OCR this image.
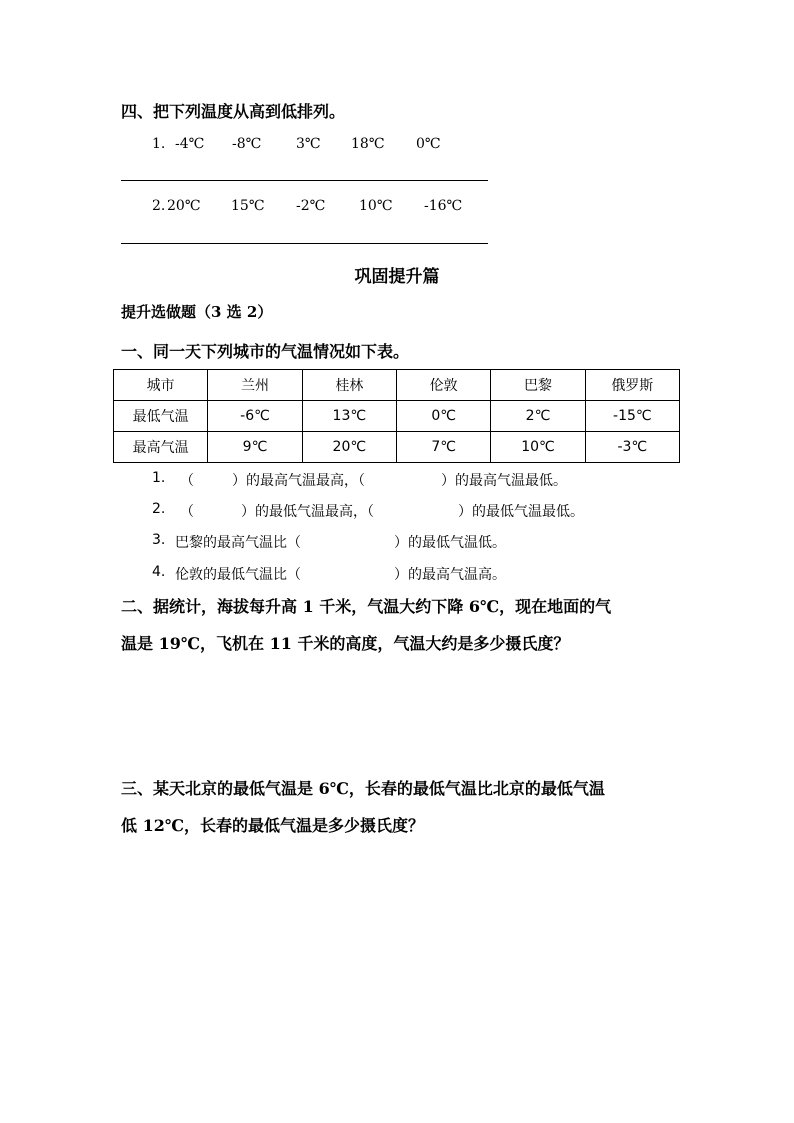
四、把下列温度从高到低排列。
1. -4℃ -8℃ 3℃ 18℃ 0℃
2. 20℃ 15℃ -2℃ 10℃ -16℃
巩固提升篇
提升选做题（3 选 2）
一、同一天下列城市的气温情况如下表。
城市	兰州	桂林	伦敦	巴黎	俄罗斯
最低气温	-6℃	13℃	0℃	2℃	-15℃
最高气温	9℃	20℃	7℃	10℃	-3℃
1. （	）的最高气温最高，（	）的最高气温最低。
2. （	）的最低气温最高，（	）的最低气温最低。
3. 巴黎的最高气温比（	）的最低气温低。
4. 伦敦的最低气温比（	）的最高气温高。
二、据统计，海拔每升高 1 千米，气温大约下降 6℃，现在地面的气
温是 19℃，飞机在 11 千米的高度，气温大约是多少摄氏度？
三、某天北京的最低气温是 6℃，长春的最低气温比北京的最低气温
低 12℃，长春的最低气温是多少摄氏度？
